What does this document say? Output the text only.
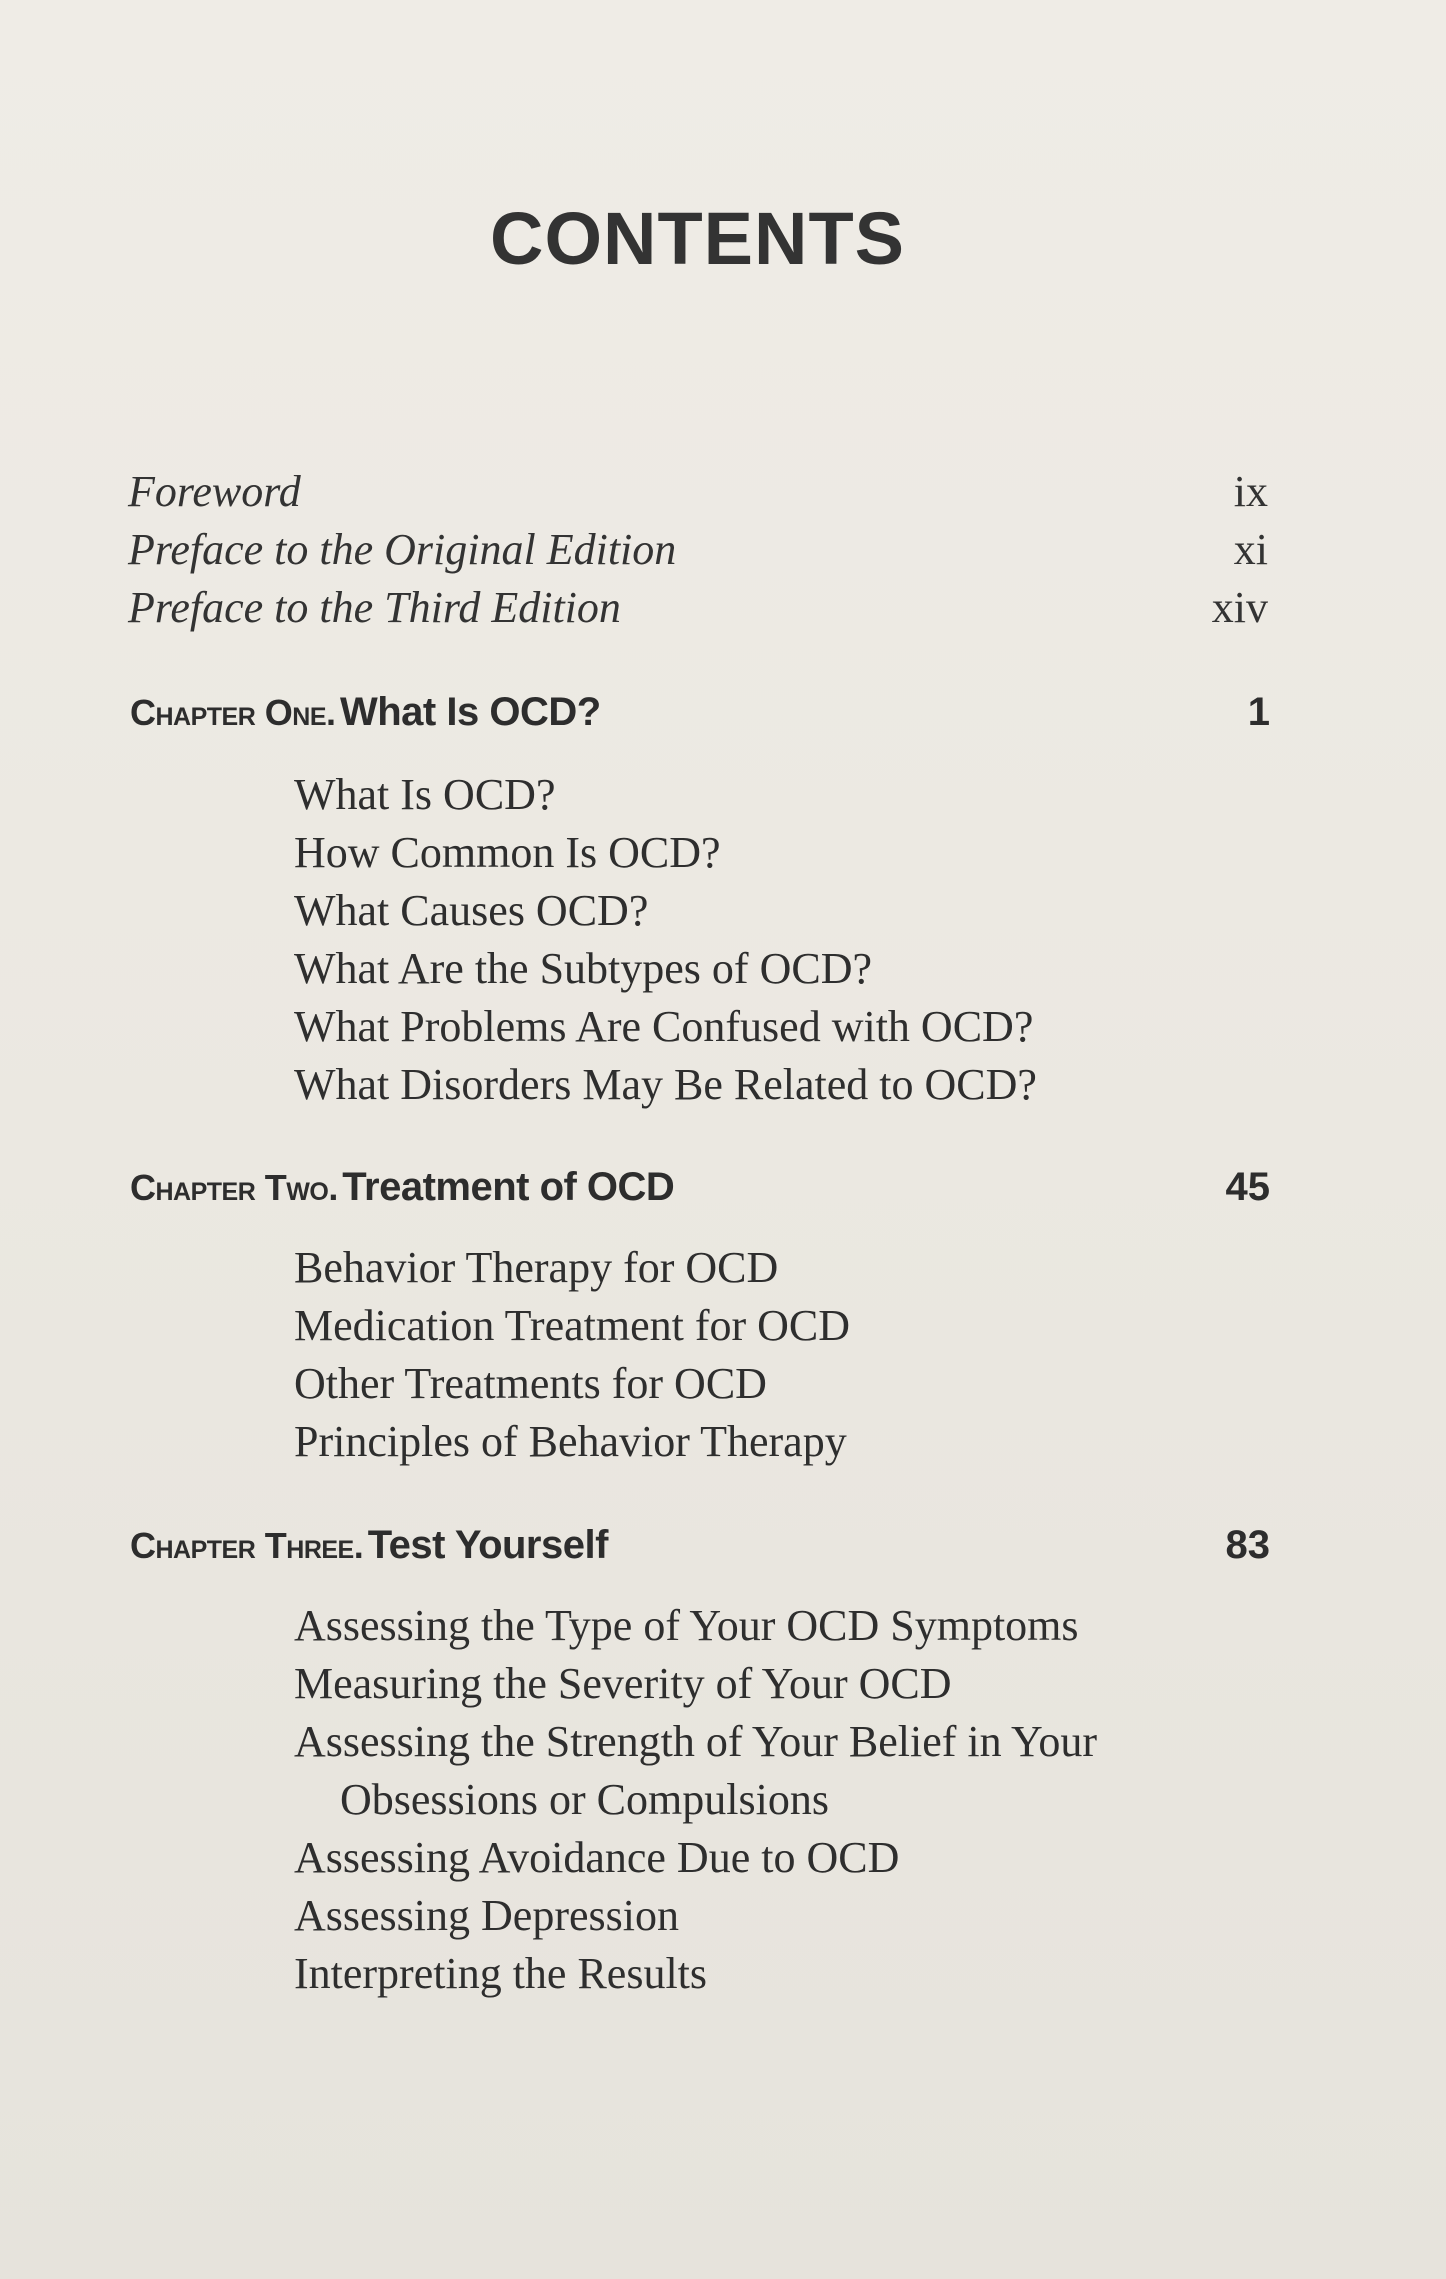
CONTENTS
Foreword	ix
Preface to the Original Edition	xi
Preface to the Third Edition	xiv
Chapter One. What Is OCD?	1
What Is OCD?
How Common Is OCD?
What Causes OCD?
What Are the Subtypes of OCD?
What Problems Are Confused with OCD?
What Disorders May Be Related to OCD?
Chapter Two. Treatment of OCD	45
Behavior Therapy for OCD
Medication Treatment for OCD
Other Treatments for OCD
Principles of Behavior Therapy
Chapter Three. Test Yourself	83
Assessing the Type of Your OCD Symptoms
Measuring the Severity of Your OCD
Assessing the Strength of Your Belief in Your
Obsessions or Compulsions
Assessing Avoidance Due to OCD
Assessing Depression
Interpreting the Results
